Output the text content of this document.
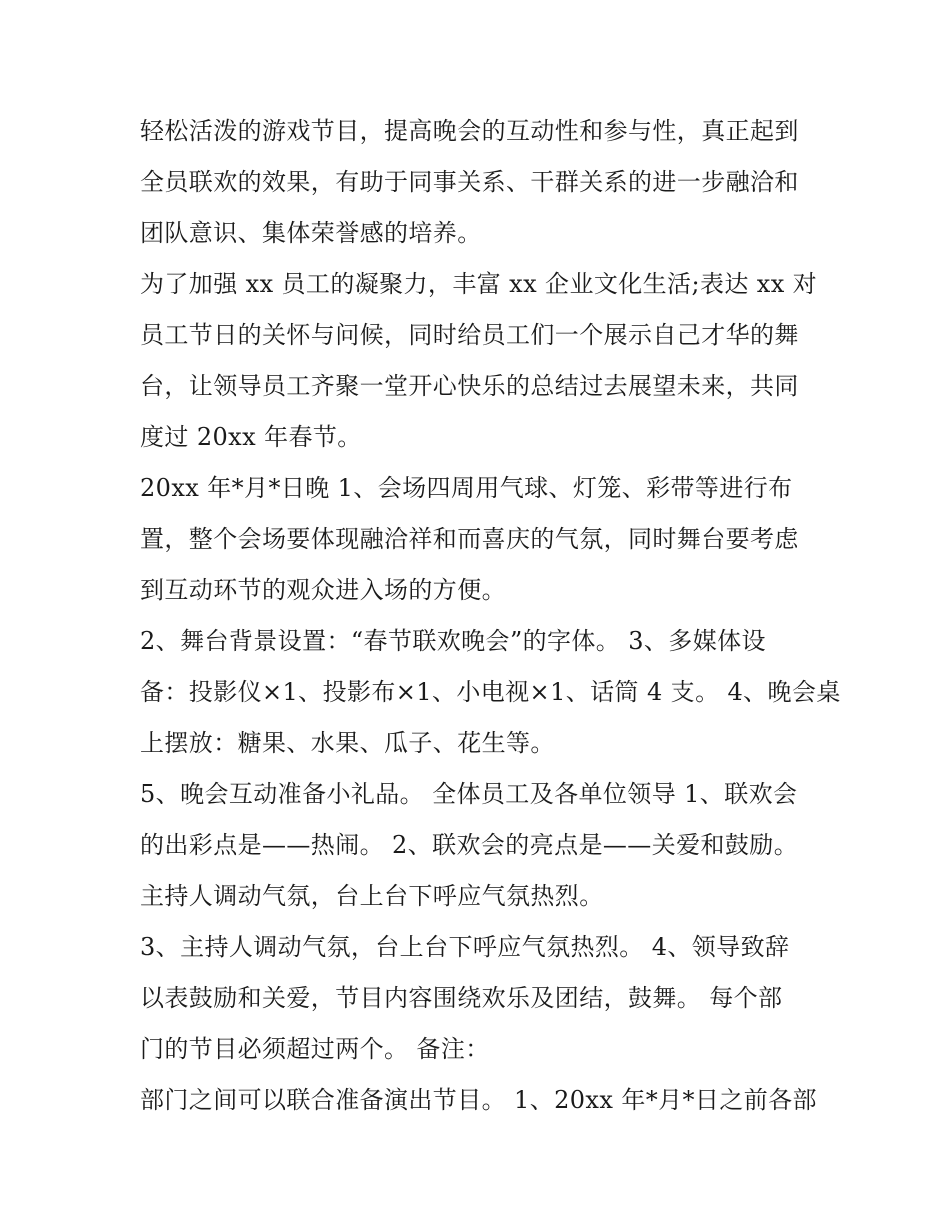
轻松活泼的游戏节目，提高晚会的互动性和参与性，真正起到
全员联欢的效果，有助于同事关系、干群关系的进一步融洽和
团队意识、集体荣誉感的培养。
为了加强 xx 员工的凝聚力，丰富 xx 企业文化生活;表达 xx 对
员工节日的关怀与问候，同时给员工们一个展示自己才华的舞
台，让领导员工齐聚一堂开心快乐的总结过去展望未来，共同
度过 20xx 年春节。
20xx 年*月*日晚 1、会场四周用气球、灯笼、彩带等进行布
置，整个会场要体现融洽祥和而喜庆的气氛，同时舞台要考虑
到互动环节的观众进入场的方便。
2、舞台背景设置：“春节联欢晚会”的字体。 3、多媒体设
备：投影仪×1、投影布×1、小电视×1、话筒 4 支。 4、晚会桌
上摆放：糖果、水果、瓜子、花生等。
5、晚会互动准备小礼品。 全体员工及各单位领导 1、联欢会
的出彩点是——热闹。 2、联欢会的亮点是——关爱和鼓励。
主持人调动气氛，台上台下呼应气氛热烈。
3、主持人调动气氛，台上台下呼应气氛热烈。 4、领导致辞
以表鼓励和关爱，节目内容围绕欢乐及团结，鼓舞。 每个部
门的节目必须超过两个。 备注：
部门之间可以联合准备演出节目。 1、20xx 年*月*日之前各部
